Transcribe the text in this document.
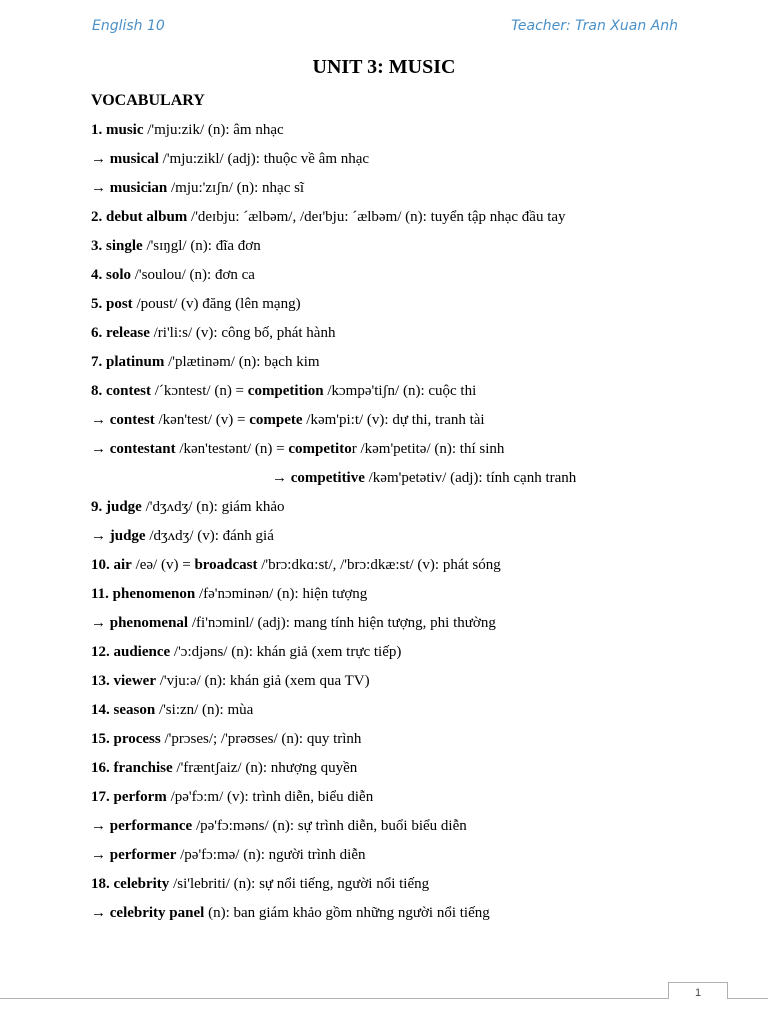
English 10	Teacher: Tran Xuan Anh
UNIT 3: MUSIC
VOCABULARY
1. music /'mju:zik/ (n): âm nhạc
→ musical /'mju:zikl/ (adj): thuộc về âm nhạc
→ musician /mju:'zɪʃn/ (n): nhạc sĩ
2. debut album /'deɪbju: ´ælbəm/, /deɪ'bju: ´ælbəm/ (n): tuyển tập nhạc đầu tay
3. single /'sɪŋgl/ (n): đĩa đơn
4. solo /'soulou/ (n): đơn ca
5. post /poust/ (v) đăng (lên mạng)
6. release /ri'li:s/ (v): công bố, phát hành
7. platinum /'plætinəm/ (n): bạch kim
8. contest /´kɔntest/ (n) = competition /kɔmpə'tiʃn/ (n): cuộc thi
→ contest /kən'test/ (v) = compete /kəm'pi:t/ (v): dự thi, tranh tài
→ contestant /kən'testənt/ (n) = competitor /kəm'petitə/ (n): thí sinh
→ competitive /kəm'petətiv/ (adj): tính cạnh tranh
9. judge /'dʒʌdʒ/ (n): giám khảo
→ judge /dʒʌdʒ/ (v): đánh giá
10. air /eə/ (v) = broadcast /'brɔ:dkɑ:st/, /'brɔ:dkæ:st/ (v): phát sóng
11. phenomenon /fə'nɔminən/ (n): hiện tượng
→ phenomenal /fi'nɔminl/ (adj): mang tính hiện tượng, phi thường
12. audience /'ɔ:djəns/ (n): khán giả (xem trực tiếp)
13. viewer /'vju:ə/ (n): khán giả (xem qua TV)
14. season /'si:zn/ (n): mùa
15. process /'prɔses/; /'prəʊses/ (n): quy trình
16. franchise /'fræntʃaiz/ (n): nhượng quyền
17. perform /pə'fɔ:m/ (v): trình diễn, biểu diễn
→ performance /pə'fɔ:məns/ (n): sự trình diễn, buổi biểu diễn
→ performer /pə'fɔ:mə/ (n): người trình diễn
18. celebrity /si'lebriti/ (n): sự nổi tiếng, người nổi tiếng
→ celebrity panel (n): ban giám khảo gồm những người nổi tiếng
1
